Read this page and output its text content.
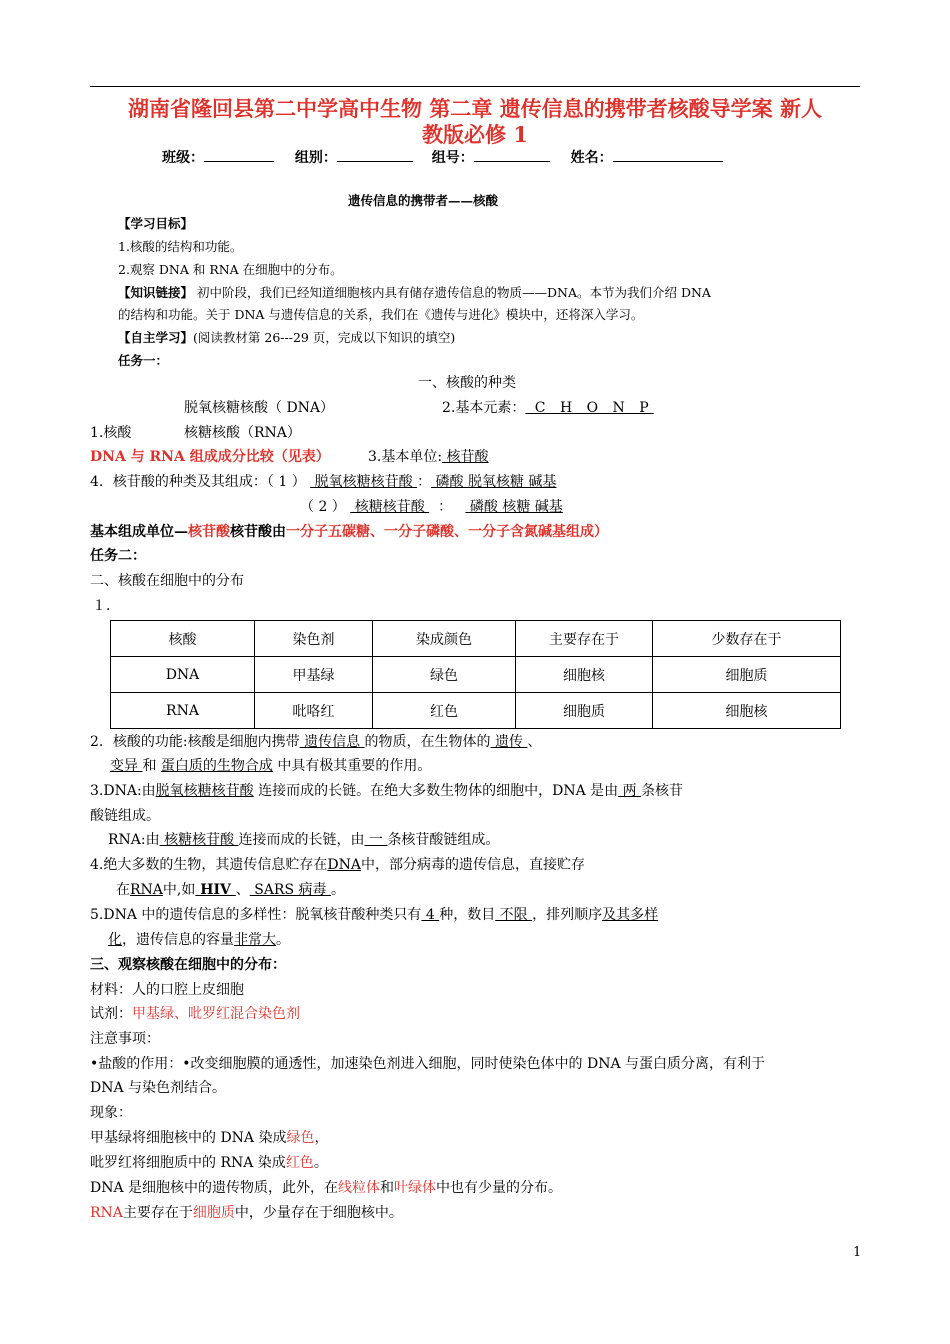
湖南省隆回县第二中学高中生物 第二章 遗传信息的携带者核酸导学案 新人
教版必修 1
班级：	组别：	组号：	姓名：
遗传信息的携带者——核酸
【学习目标】
1.核酸的结构和功能。
2.观察 DNA 和 RNA 在细胞中的分布。
【知识链接】 初中阶段，我们已经知道细胞核内具有储存遗传信息的物质——DNA。本节为我们介绍 DNA
的结构和功能。关于 DNA 与遗传信息的关系，我们在《遗传与进化》模块中，还将深入学习。
【自主学习】(阅读教材第 26---29 页，完成以下知识的填空)
任务一：
一、核酸的种类
脱氧核糖核酸（ DNA）	2.基本元素： C H O N P
1.核酸	核糖核酸（RNA）
DNA 与 RNA 组成成分比较（见表）	3.基本单位: 核苷酸
4．核苷酸的种类及其组成：（ 1 ）  脱氧核糖核苷酸 ： 磷酸 脱氧核糖 碱基
（ 2 ）  核糖核苷酸   ：    磷酸 核糖 碱基
基本组成单位—核苷酸核苷酸由一分子五碳糖、一分子磷酸、一分子含氮碱基组成）
任务二：
二、核酸在细胞中的分布
１.
核酸	染色剂	染成颜色	主要存在于	少数存在于
DNA	甲基绿	绿色	细胞核	细胞质
RNA	吡咯红	红色	细胞质	细胞核
2．核酸的功能:核酸是细胞内携带 遗传信息 的物质，在生物体的 遗传 、
变异 和 蛋白质的生物合成 中具有极其重要的作用。
3.DNA:由脱氧核糖核苷酸 连接而成的长链。在绝大多数生物体的细胞中，DNA 是由 两 条核苷
酸链组成。
RNA:由 核糖核苷酸 连接而成的长链，由 一 条核苷酸链组成。
4.绝大多数的生物，其遗传信息贮存在DNA中，部分病毒的遗传信息，直接贮存
在RNA中,如 HIV 、 SARS 病毒 。
5.DNA 中的遗传信息的多样性：脱氧核苷酸种类只有 4 种，数目 不限 ，排列顺序及其多样
化，遗传信息的容量非常大。
三、观察核酸在细胞中的分布：
材料：人的口腔上皮细胞
试剂：甲基绿、吡罗红混合染色剂
注意事项：
•盐酸的作用：•改变细胞膜的通透性，加速染色剂进入细胞，同时使染色体中的 DNA 与蛋白质分离，有利于
DNA 与染色剂结合。
现象：
甲基绿将细胞核中的 DNA 染成绿色，
吡罗红将细胞质中的 RNA 染成红色。
DNA 是细胞核中的遗传物质，此外，在线粒体和叶绿体中也有少量的分布。
RNA主要存在于细胞质中，少量存在于细胞核中。
1
